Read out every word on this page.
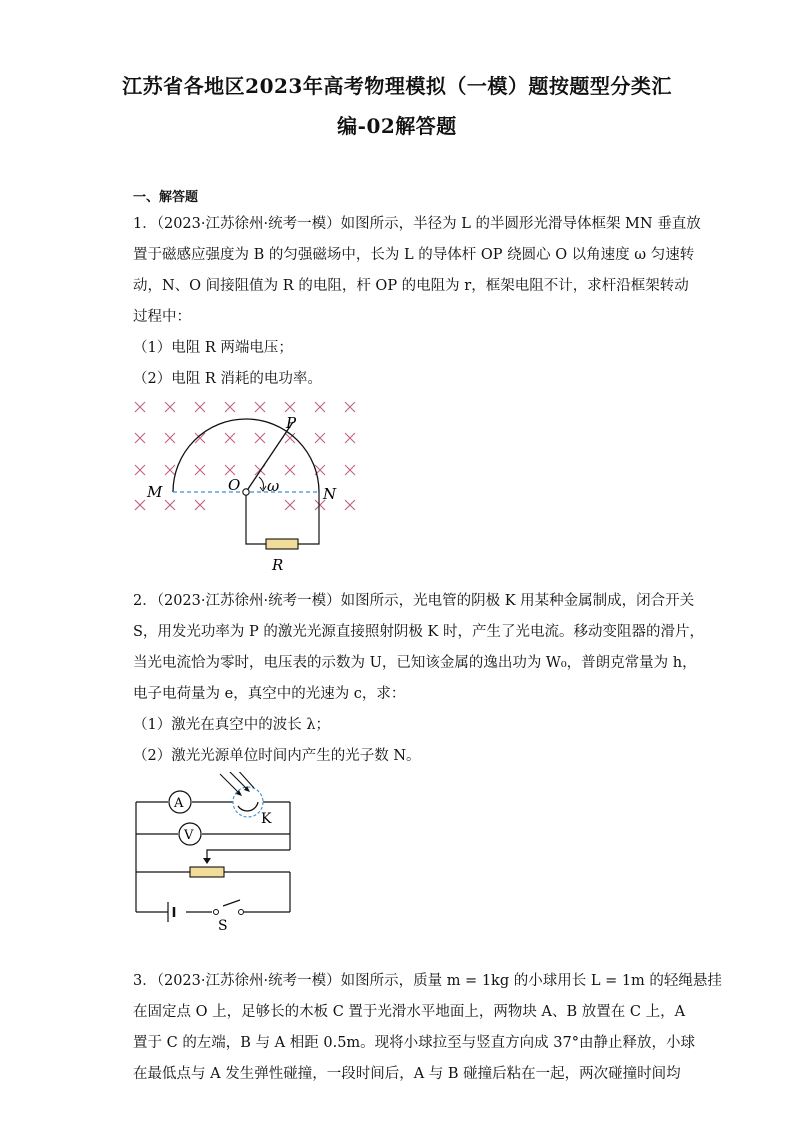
江苏省各地区2023年高考物理模拟（一模）题按题型分类汇
编-02解答题
一、解答题
1．（2023·江苏徐州·统考一模）如图所示，半径为 L 的半圆形光滑导体框架 MN 垂直放
置于磁感应强度为 B 的匀强磁场中，长为 L 的导体杆 OP 绕圆心 O 以角速度 ω 匀速转
动，N、O 间接阻值为 R 的电阻，杆 OP 的电阻为 r，框架电阻不计，求杆沿框架转动
过程中：
（1）电阻 R 两端电压；
（2）电阻 R 消耗的电功率。
M	O	N
P
ω
R
2．（2023·江苏徐州·统考一模）如图所示，光电管的阴极 K 用某种金属制成，闭合开关
S，用发光功率为 P 的激光光源直接照射阴极 K 时，产生了光电流。移动变阻器的滑片，
当光电流恰为零时，电压表的示数为 U，已知该金属的逸出功为 W₀，普朗克常量为 h，
电子电荷量为 e，真空中的光速为 c，求：
（1）激光在真空中的波长 λ；
（2）激光光源单位时间内产生的光子数 N。
A
V
K
S
3．（2023·江苏徐州·统考一模）如图所示，质量 m = 1kg 的小球用长 L = 1m 的轻绳悬挂
在固定点 O 上，足够长的木板 C 置于光滑水平地面上，两物块 A、B 放置在 C 上，A
置于 C 的左端，B 与 A 相距 0.5m。现将小球拉至与竖直方向成 37°由静止释放，小球
在最低点与 A 发生弹性碰撞，一段时间后，A 与 B 碰撞后粘在一起，两次碰撞时间均
